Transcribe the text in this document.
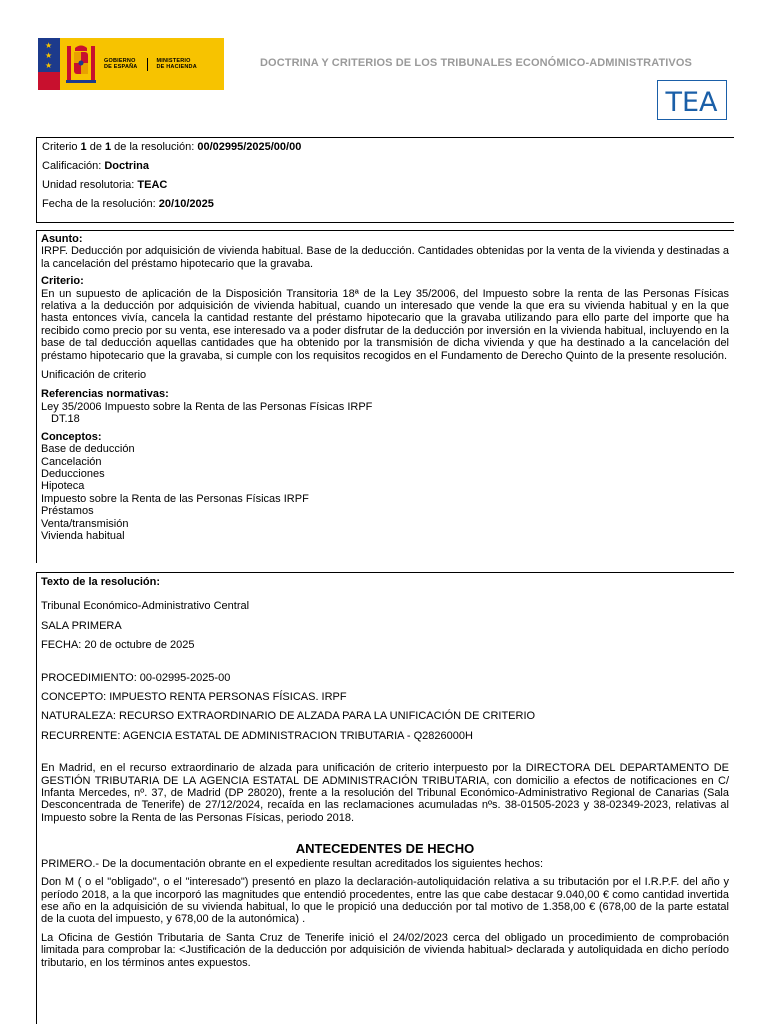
★
★
★
GOBIERNO
DE ESPAÑA
MINISTERIO
DE HACIENDA	DOCTRINA Y CRITERIOS DE LOS TRIBUNALES ECONÓMICO-ADMINISTRATIVOS
TEA
Criterio 1 de 1 de la resolución: 00/02995/2025/00/00
Calificación: Doctrina
Unidad resolutoria: TEAC
Fecha de la resolución: 20/10/2025
Asunto:
IRPF. Deducción por adquisición de vivienda habitual. Base de la deducción. Cantidades obtenidas por la venta de la vivienda y destinadas a la cancelación del préstamo hipotecario que la gravaba.
Criterio:
En un supuesto de aplicación de la Disposición Transitoria 18ª de la Ley 35/2006, del Impuesto sobre la renta de las Personas Físicas relativa a la deducción por adquisición de vivienda habitual, cuando un interesado que vende la que era su vivienda habitual y en la que hasta entonces vivía, cancela la cantidad restante del préstamo hipotecario que la gravaba utilizando para ello parte del importe que ha recibido como precio por su venta, ese interesado va a poder disfrutar de la deducción por inversión en la vivienda habitual, incluyendo en la base de tal deducción aquellas cantidades que ha obtenido por la transmisión de dicha vivienda y que ha destinado a la cancelación del préstamo hipotecario que la gravaba, si cumple con los requisitos recogidos en el Fundamento de Derecho Quinto de la presente resolución.
Unificación de criterio
Referencias normativas:
Ley 35/2006 Impuesto sobre la Renta de las Personas Físicas IRPF
DT.18
Conceptos:
Base de deducción
Cancelación
Deducciones
Hipoteca
Impuesto sobre la Renta de las Personas Físicas IRPF
Préstamos
Venta/transmisión
Vivienda habitual
Texto de la resolución:
Tribunal Económico-Administrativo Central
SALA PRIMERA
FECHA: 20 de octubre de 2025
PROCEDIMIENTO: 00-02995-2025-00
CONCEPTO: IMPUESTO RENTA PERSONAS FÍSICAS. IRPF
NATURALEZA: RECURSO EXTRAORDINARIO DE ALZADA PARA LA UNIFICACIÓN DE CRITERIO
RECURRENTE: AGENCIA ESTATAL DE ADMINISTRACION TRIBUTARIA - Q2826000H
En Madrid, en el recurso extraordinario de alzada para unificación de criterio interpuesto por la DIRECTORA DEL DEPARTAMENTO DE GESTIÓN TRIBUTARIA DE LA AGENCIA ESTATAL DE ADMINISTRACIÓN TRIBUTARIA, con domicilio a efectos de notificaciones en C/ Infanta Mercedes, nº. 37, de Madrid (DP 28020), frente a la resolución del Tribunal Económico-Administrativo Regional de Canarias (Sala Desconcentrada de Tenerife) de 27/12/2024, recaída en las reclamaciones acumuladas nºs. 38-01505-2023 y 38-02349-2023, relativas al Impuesto sobre la Renta de las Personas Físicas, periodo 2018.
ANTECEDENTES DE HECHO
PRIMERO.- De la documentación obrante en el expediente resultan acreditados los siguientes hechos:
Don M ( o el "obligado", o el "interesado") presentó en plazo la declaración-autoliquidación relativa a su tributación por el I.R.P.F. del año y período 2018, a la que incorporó las magnitudes que entendió procedentes, entre las que cabe destacar 9.040,00 € como cantidad invertida ese año en la adquisición de su vivienda habitual, lo que le propició una deducción por tal motivo de 1.358,00 € (678,00 de la parte estatal de la cuota del impuesto, y 678,00 de la autonómica) .
La Oficina de Gestión Tributaria de Santa Cruz de Tenerife inició el 24/02/2023 cerca del obligado un procedimiento de comprobación limitada para comprobar la: <Justificación de la deducción por adquisición de vivienda habitual> declarada y autoliquidada en dicho período tributario, en los términos antes expuestos.
